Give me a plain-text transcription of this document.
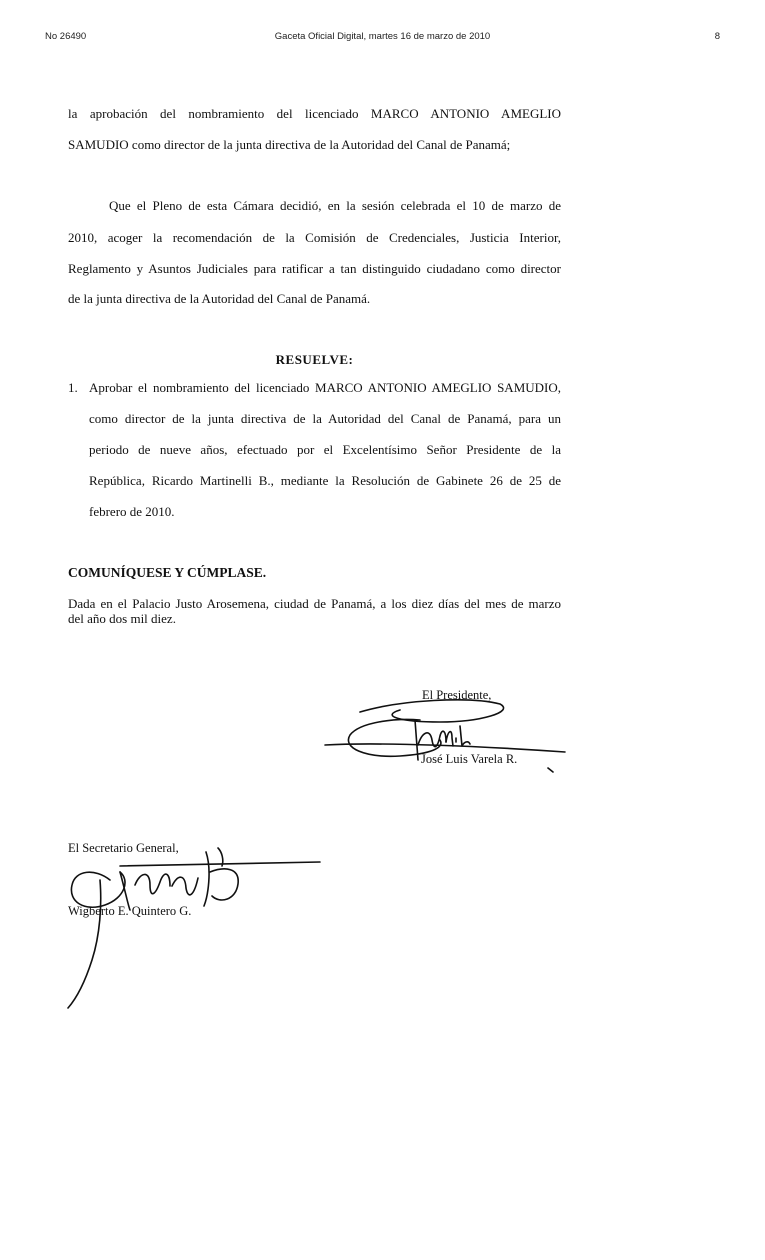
No 26490	Gaceta Oficial Digital, martes 16 de marzo de 2010	8
la aprobación del nombramiento del licenciado MARCO ANTONIO AMEGLIO
SAMUDIO como director de la junta directiva de la Autoridad del Canal de Panamá;
Que el Pleno de esta Cámara decidió, en la sesión celebrada el 10 de marzo de
2010, acoger la recomendación de la Comisión de Credenciales, Justicia Interior,
Reglamento y Asuntos Judiciales para ratificar a tan distinguido ciudadano como director
de la junta directiva de la Autoridad del Canal de Panamá.
RESUELVE:
1. Aprobar el nombramiento del licenciado MARCO ANTONIO AMEGLIO SAMUDIO,
como director de la junta directiva de la Autoridad del Canal de Panamá, para un
periodo de nueve años, efectuado por el Excelentísimo Señor Presidente de la
República, Ricardo Martinelli B., mediante la Resolución de Gabinete 26 de 25 de
febrero de 2010.
COMUNÍQUESE Y CÚMPLASE.
Dada en el Palacio Justo Arosemena, ciudad de Panamá, a los diez días del mes de marzo
del año dos mil diez.
El Presidente,
José Luis Varela R.
El Secretario General,
Wigberto E. Quintero G.
